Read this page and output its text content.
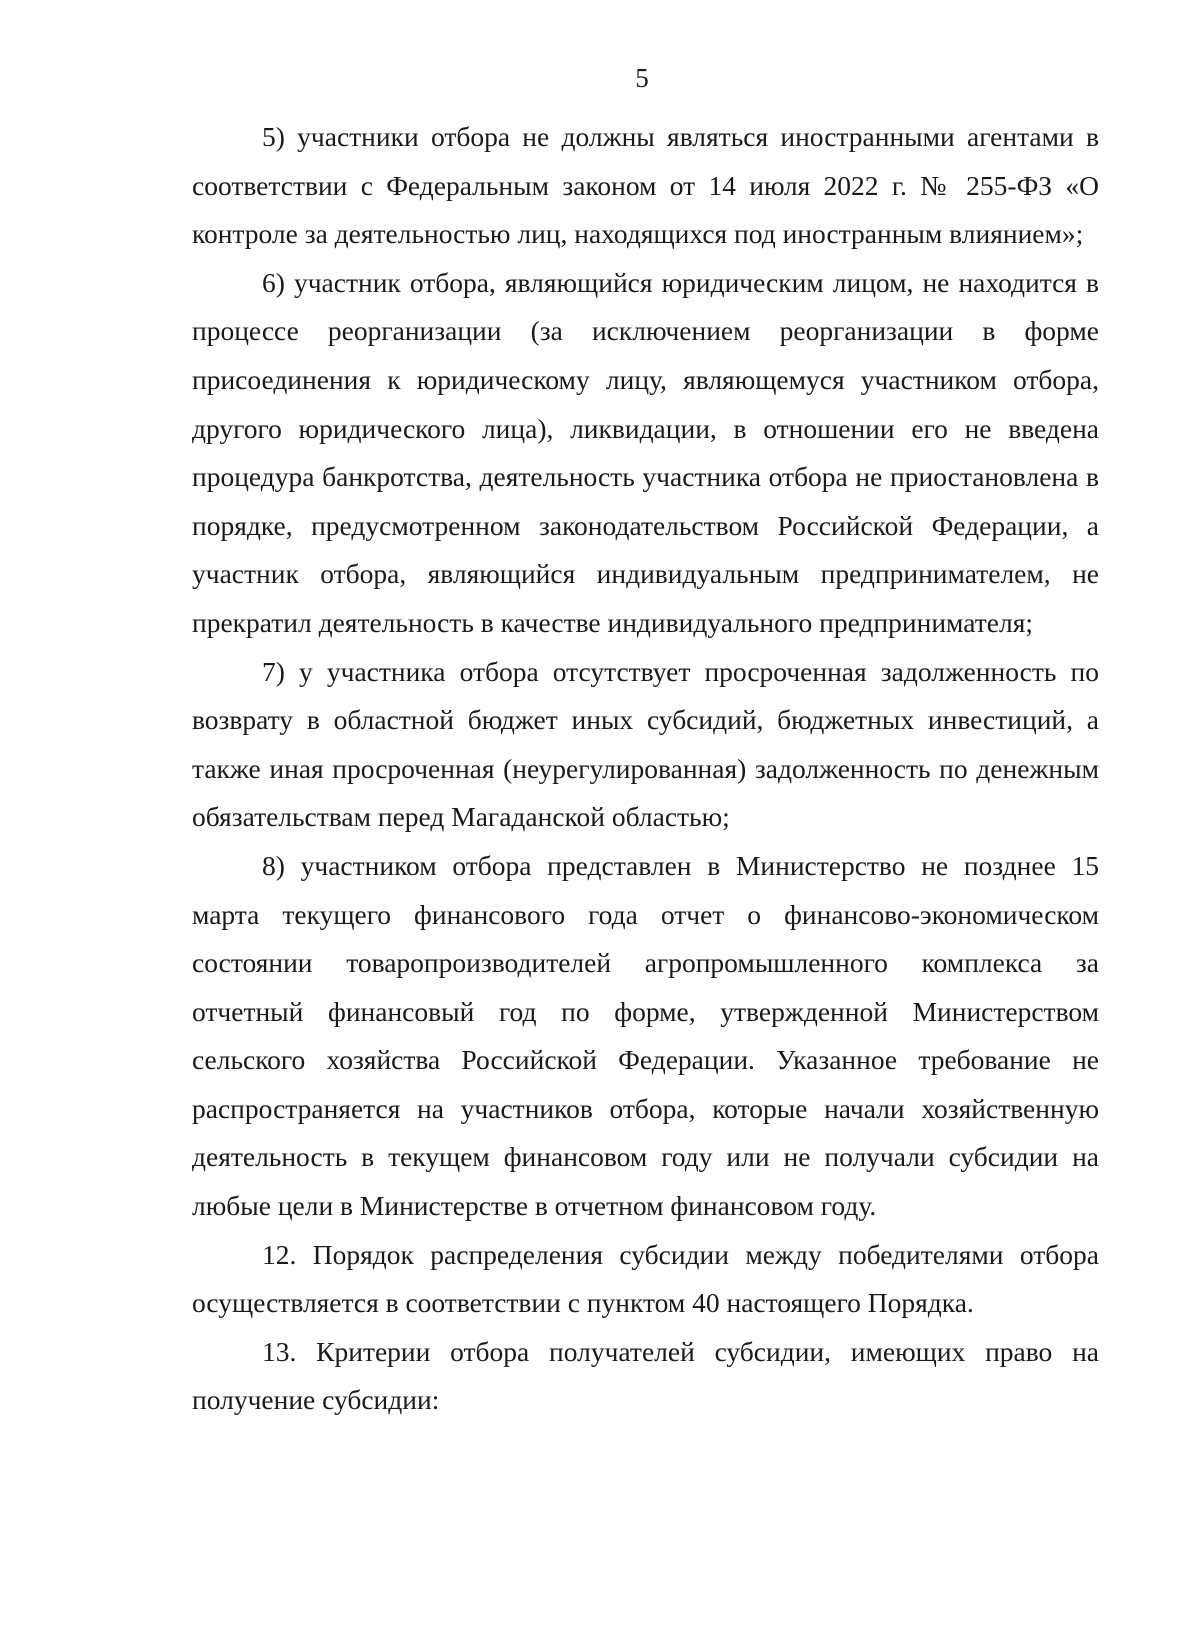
5

5) участники отбора не должны являться иностранными агентами в соответствии с Федеральным законом от 14 июля 2022 г. № 255-ФЗ «О контроле за деятельностью лиц, находящихся под иностранным влиянием»;

6) участник отбора, являющийся юридическим лицом, не находится в процессе реорганизации (за исключением реорганизации в форме присоединения к юридическому лицу, являющемуся участником отбора, другого юридического лица), ликвидации, в отношении его не введена процедура банкротства, деятельность участника отбора не приостановлена в порядке, предусмотренном законодательством Российской Федерации, а участник отбора, являющийся индивидуальным предпринимателем, не прекратил деятельность в качестве индивидуального предпринимателя;

7) у участника отбора отсутствует просроченная задолженность по возврату в областной бюджет иных субсидий, бюджетных инвестиций, а также иная просроченная (неурегулированная) задолженность по денежным обязательствам перед Магаданской областью;

8) участником отбора представлен в Министерство не позднее 15 марта текущего финансового года отчет о финансово-экономическом состоянии товаропроизводителей агропромышленного комплекса за отчетный финансовый год по форме, утвержденной Министерством сельского хозяйства Российской Федерации. Указанное требование не распространяется на участников отбора, которые начали хозяйственную деятельность в текущем финансовом году или не получали субсидии на любые цели в Министерстве в отчетном финансовом году.

12. Порядок распределения субсидии между победителями отбора осуществляется в соответствии с пунктом 40 настоящего Порядка.

13. Критерии отбора получателей субсидии, имеющих право на получение субсидии:
